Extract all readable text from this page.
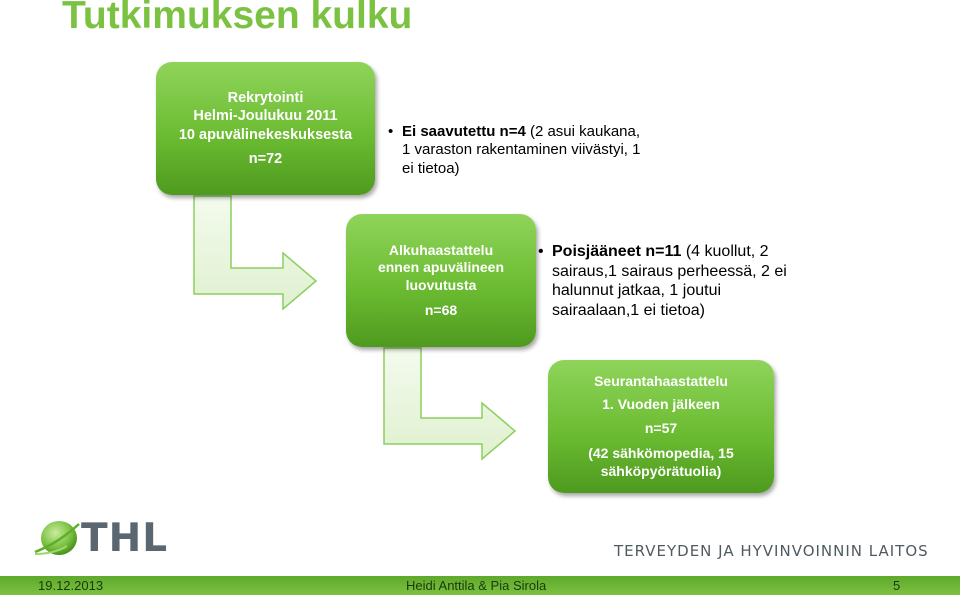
Tutkimuksen kulku
Rekrytointi
Helmi-Joulukuu 2011
10 apuvälinekeskuksesta
n=72
• Ei saavutettu n=4 (2 asui kaukana,
1 varaston rakentaminen viivästyi, 1
ei tietoa)
Alkuhaastattelu
ennen apuvälineen
luovutusta
n=68
• Poisjääneet n=11 (4 kuollut, 2
sairaus,1 sairaus perheessä, 2 ei
halunnut jatkaa, 1 joutui
sairaalaan,1 ei tietoa)
Seurantahaastattelu
1. Vuoden jälkeen
n=57
(42 sähkömopedia, 15
sähköpyörätuolia)
THL	TERVEYDEN JA HYVINVOINNIN LAITOS
19.12.2013	Heidi Anttila & Pia Sirola	5
